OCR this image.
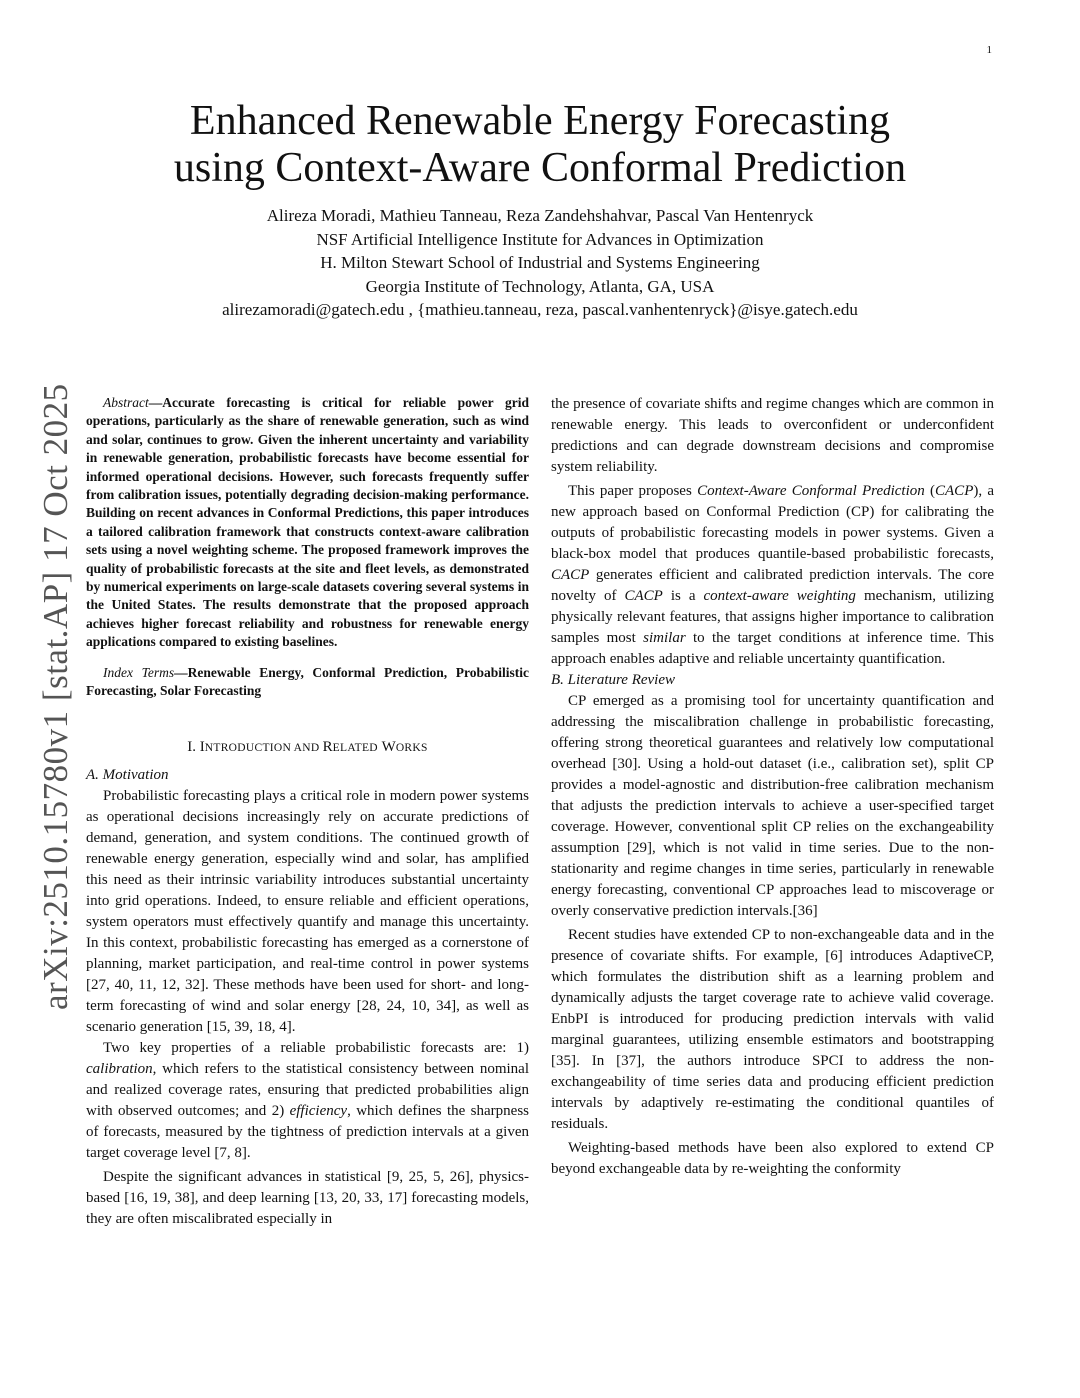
1
arXiv:2510.15780v1 [stat.AP] 17 Oct 2025
Enhanced Renewable Energy Forecasting
using Context-Aware Conformal Prediction
Alireza Moradi, Mathieu Tanneau, Reza Zandehshahvar, Pascal Van Hentenryck
NSF Artificial Intelligence Institute for Advances in Optimization
H. Milton Stewart School of Industrial and Systems Engineering
Georgia Institute of Technology, Atlanta, GA, USA
alirezamoradi@gatech.edu , {mathieu.tanneau, reza, pascal.vanhentenryck}@isye.gatech.edu

Abstract—Accurate forecasting is critical for reliable power grid operations, particularly as the share of renewable generation, such as wind and solar, continues to grow. Given the inherent uncertainty and variability in renewable generation, probabilistic forecasts have become essential for informed operational decisions. However, such forecasts frequently suffer from calibration issues, potentially degrading decision-making performance. Building on recent advances in Conformal Predictions, this paper introduces a tailored calibration framework that constructs context-aware calibration sets using a novel weighting scheme. The proposed framework improves the quality of probabilistic forecasts at the site and fleet levels, as demonstrated by numerical experiments on large-scale datasets covering several systems in the United States. The results demonstrate that the proposed approach achieves higher forecast reliability and robustness for renewable energy applications compared to existing baselines.

Index Terms—Renewable Energy, Conformal Prediction, Probabilistic Forecasting, Solar Forecasting

I. INTRODUCTION AND RELATED WORKS

A. Motivation

Probabilistic forecasting plays a critical role in modern power systems as operational decisions increasingly rely on accurate predictions of demand, generation, and system conditions. The continued growth of renewable energy generation, especially wind and solar, has amplified this need as their intrinsic variability introduces substantial uncertainty into grid operations. Indeed, to ensure reliable and efficient operations, system operators must effectively quantify and manage this uncertainty. In this context, probabilistic forecasting has emerged as a cornerstone of planning, market participation, and real-time control in power systems [27, 40, 11, 12, 32]. These methods have been used for short- and long-term forecasting of wind and solar energy [28, 24, 10, 34], as well as scenario generation [15, 39, 18, 4].

Two key properties of a reliable probabilistic forecasts are: 1) calibration, which refers to the statistical consistency between nominal and realized coverage rates, ensuring that predicted probabilities align with observed outcomes; and 2) efficiency, which defines the sharpness of forecasts, measured by the tightness of prediction intervals at a given target coverage level [7, 8].

Despite the significant advances in statistical [9, 25, 5, 26], physics-based [16, 19, 38], and deep learning [13, 20, 33, 17] forecasting models, they are often miscalibrated especially in

the presence of covariate shifts and regime changes which are common in renewable energy. This leads to overconfident or underconfident predictions and can degrade downstream decisions and compromise system reliability.

This paper proposes Context-Aware Conformal Prediction (CACP), a new approach based on Conformal Prediction (CP) for calibrating the outputs of probabilistic forecasting models in power systems. Given a black-box model that produces quantile-based probabilistic forecasts, CACP generates efficient and calibrated prediction intervals. The core novelty of CACP is a context-aware weighting mechanism, utilizing physically relevant features, that assigns higher importance to calibration samples most similar to the target conditions at inference time. This approach enables adaptive and reliable uncertainty quantification.

B. Literature Review

CP emerged as a promising tool for uncertainty quantification and addressing the miscalibration challenge in probabilistic forecasting, offering strong theoretical guarantees and relatively low computational overhead [30]. Using a hold-out dataset (i.e., calibration set), split CP provides a model-agnostic and distribution-free calibration mechanism that adjusts the prediction intervals to achieve a user-specified target coverage. However, conventional split CP relies on the exchangeability assumption [29], which is not valid in time series. Due to the non-stationarity and regime changes in time series, particularly in renewable energy forecasting, conventional CP approaches lead to miscoverage or overly conservative prediction intervals.[36]

Recent studies have extended CP to non-exchangeable data and in the presence of covariate shifts. For example, [6] introduces AdaptiveCP, which formulates the distribution shift as a learning problem and dynamically adjusts the target coverage rate to achieve valid coverage. EnbPI is introduced for producing prediction intervals with valid marginal guarantees, utilizing ensemble estimators and bootstrapping [35]. In [37], the authors introduce SPCI to address the non-exchangeability of time series data and producing efficient prediction intervals by adaptively re-estimating the conditional quantiles of residuals.

Weighting-based methods have been also explored to extend CP beyond exchangeable data by re-weighting the conformity
